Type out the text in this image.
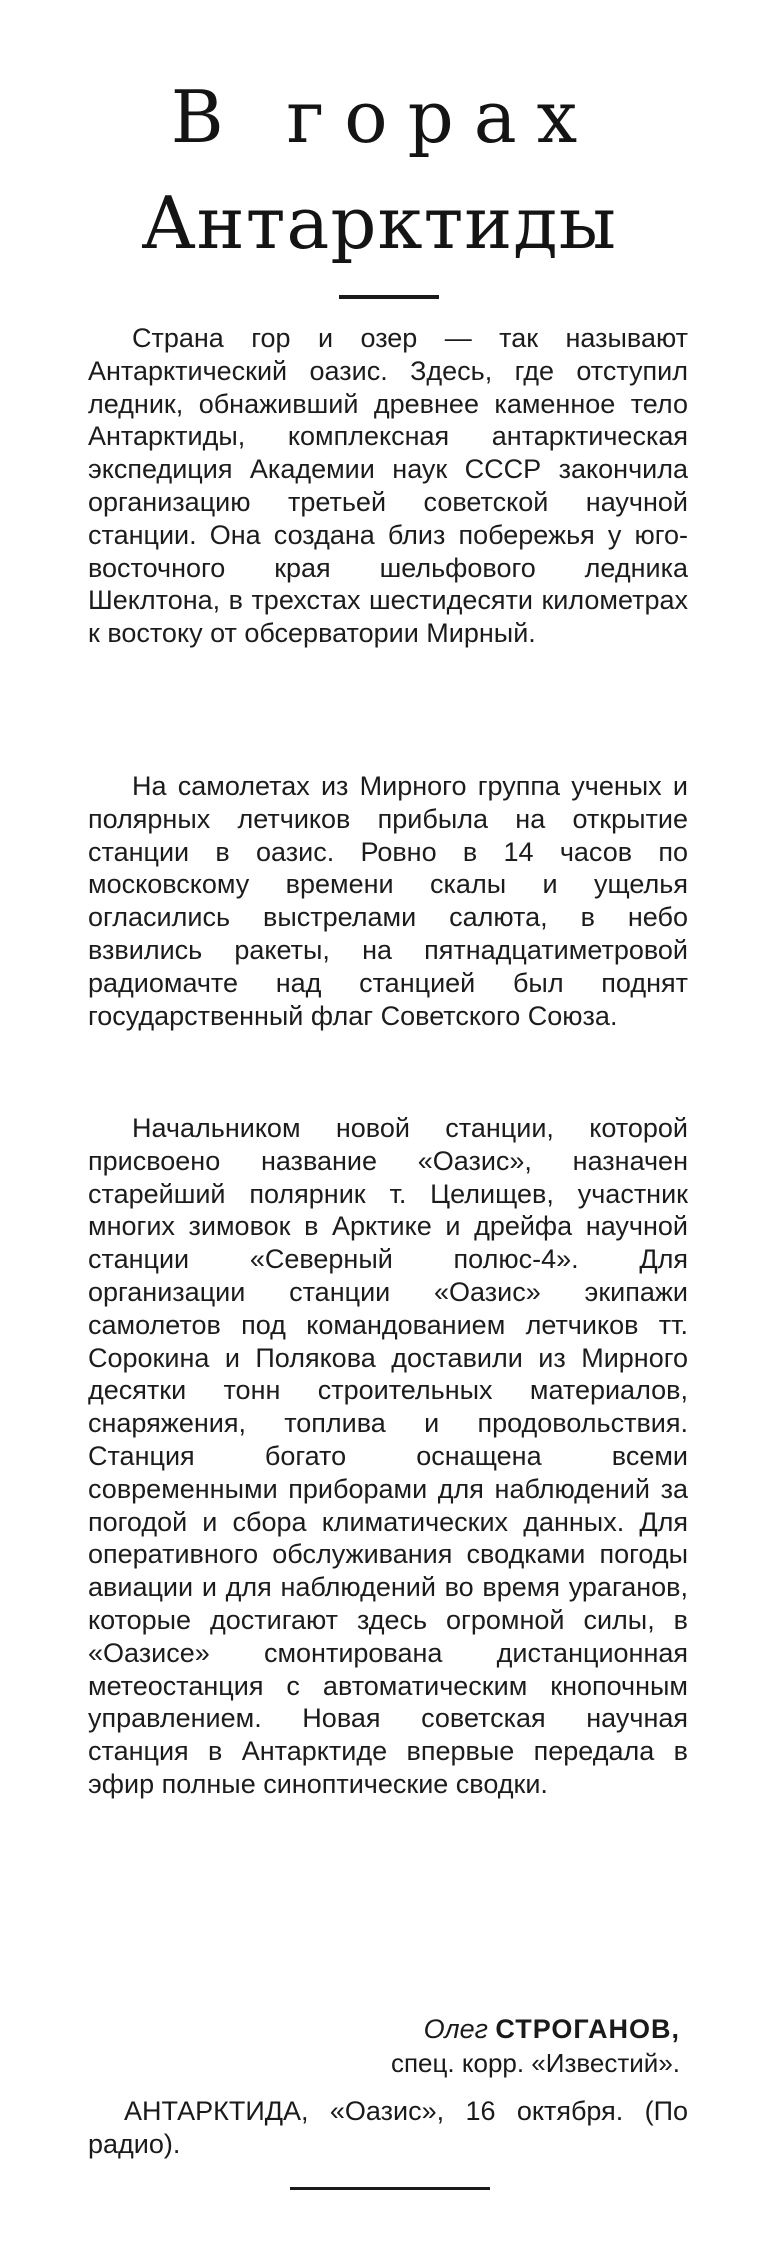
В горах
Антарктиды

Страна гор и озер — так называют Антарктический оазис. Здесь, где отступил ледник, обнаживший древнее каменное тело Антарктиды, комплексная антарктическая экспедиция Академии наук СССР закончила организацию третьей советской научной станции. Она создана близ побережья у юго-восточного края шельфового ледника Шеклтона, в трехстах шестидесяти километрах к востоку от обсерватории Мирный.

На самолетах из Мирного группа ученых и полярных летчиков прибыла на открытие станции в оазис. Ровно в 14 часов по московскому времени скалы и ущелья огласились выстрелами салюта, в небо взвились ракеты, на пятнадцатиметровой радиомачте над станцией был поднят государственный флаг Советского Союза.

Начальником новой станции, которой присвоено название «Оазис», назначен старейший полярник т. Целищев, участник многих зимовок в Арктике и дрейфа научной станции «Северный полюс-4». Для организации станции «Оазис» экипажи самолетов под командованием летчиков тт. Сорокина и Полякова доставили из Мирного десятки тонн строительных материалов, снаряжения, топлива и продовольствия. Станция богато оснащена всеми современными приборами для наблюдений за погодой и сбора климатических данных. Для оперативного обслуживания сводками погоды авиации и для наблюдений во время ураганов, которые достигают здесь огромной силы, в «Оазисе» смонтирована дистанционная метеостанция с автоматическим кнопочным управлением. Новая советская научная станция в Антарктиде впервые передала в эфир полные синоптические сводки.

Олег СТРОГАНОВ,
спец. корр. «Известий».

АНТАРКТИДА, «Оазис», 16 октября. (По радио).
